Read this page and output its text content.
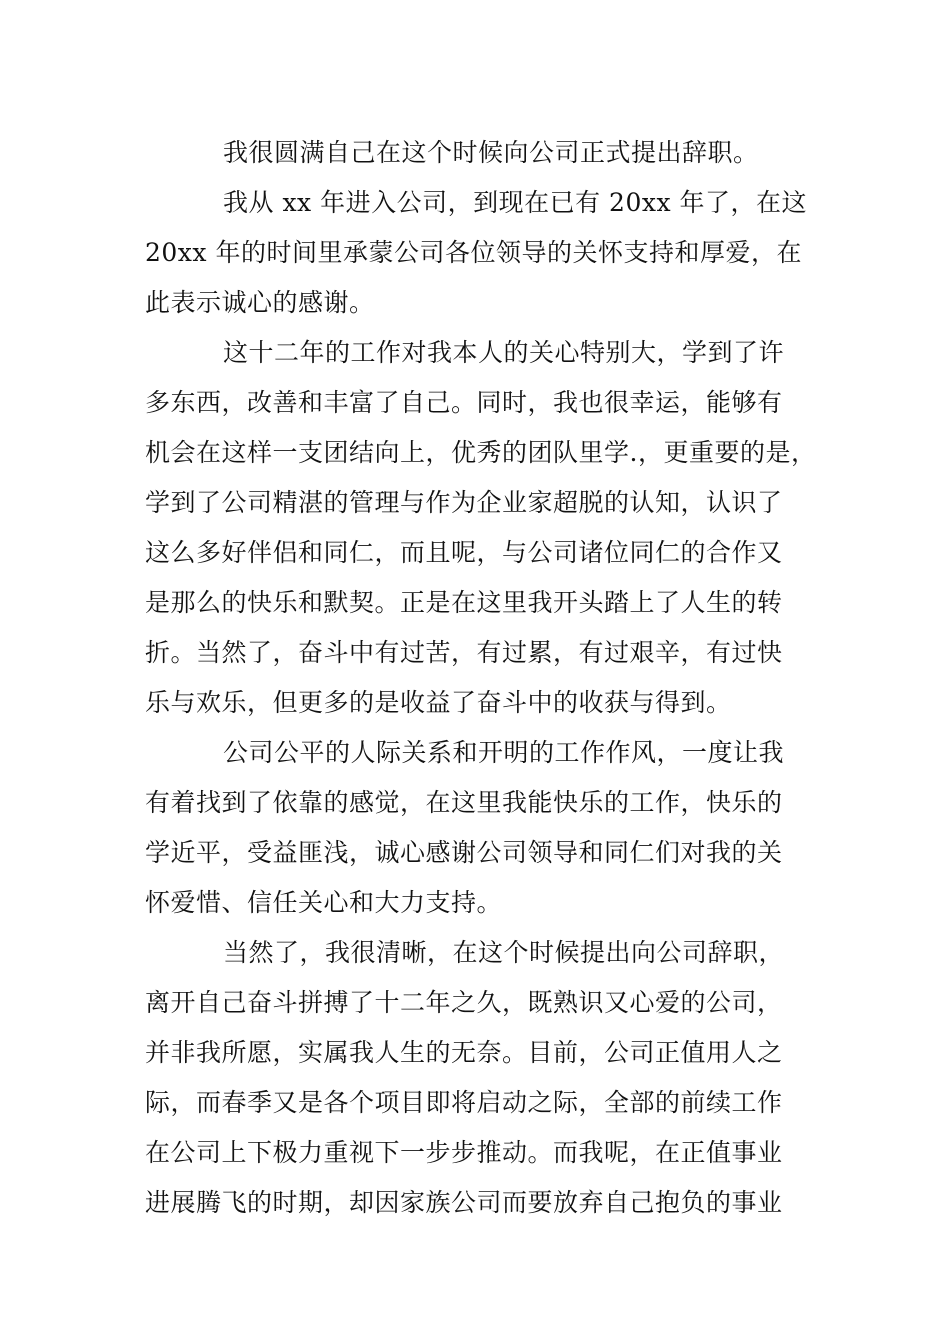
我很圆满自己在这个时候向公司正式提出辞职。
我从 xx 年进入公司，到现在已有 20xx 年了，在这
20xx 年的时间里承蒙公司各位领导的关怀支持和厚爱，在
此表示诚心的感谢。
这十二年的工作对我本人的关心特别大，学到了许
多东西，改善和丰富了自己。同时，我也很幸运，能够有
机会在这样一支团结向上，优秀的团队里学.，更重要的是，
学到了公司精湛的管理与作为企业家超脱的认知，认识了
这么多好伴侣和同仁，而且呢，与公司诸位同仁的合作又
是那么的快乐和默契。正是在这里我开头踏上了人生的转
折。当然了，奋斗中有过苦，有过累，有过艰辛，有过快
乐与欢乐，但更多的是收益了奋斗中的收获与得到。
公司公平的人际关系和开明的工作作风，一度让我
有着找到了依靠的感觉，在这里我能快乐的工作，快乐的
学近平，受益匪浅，诚心感谢公司领导和同仁们对我的关
怀爱惜、信任关心和大力支持。
当然了，我很清晰，在这个时候提出向公司辞职，
离开自己奋斗拼搏了十二年之久，既熟识又心爱的公司，
并非我所愿，实属我人生的无奈。目前，公司正值用人之
际，而春季又是各个项目即将启动之际，全部的前续工作
在公司上下极力重视下一步步推动。而我呢，在正值事业
进展腾飞的时期，却因家族公司而要放弃自己抱负的事业
